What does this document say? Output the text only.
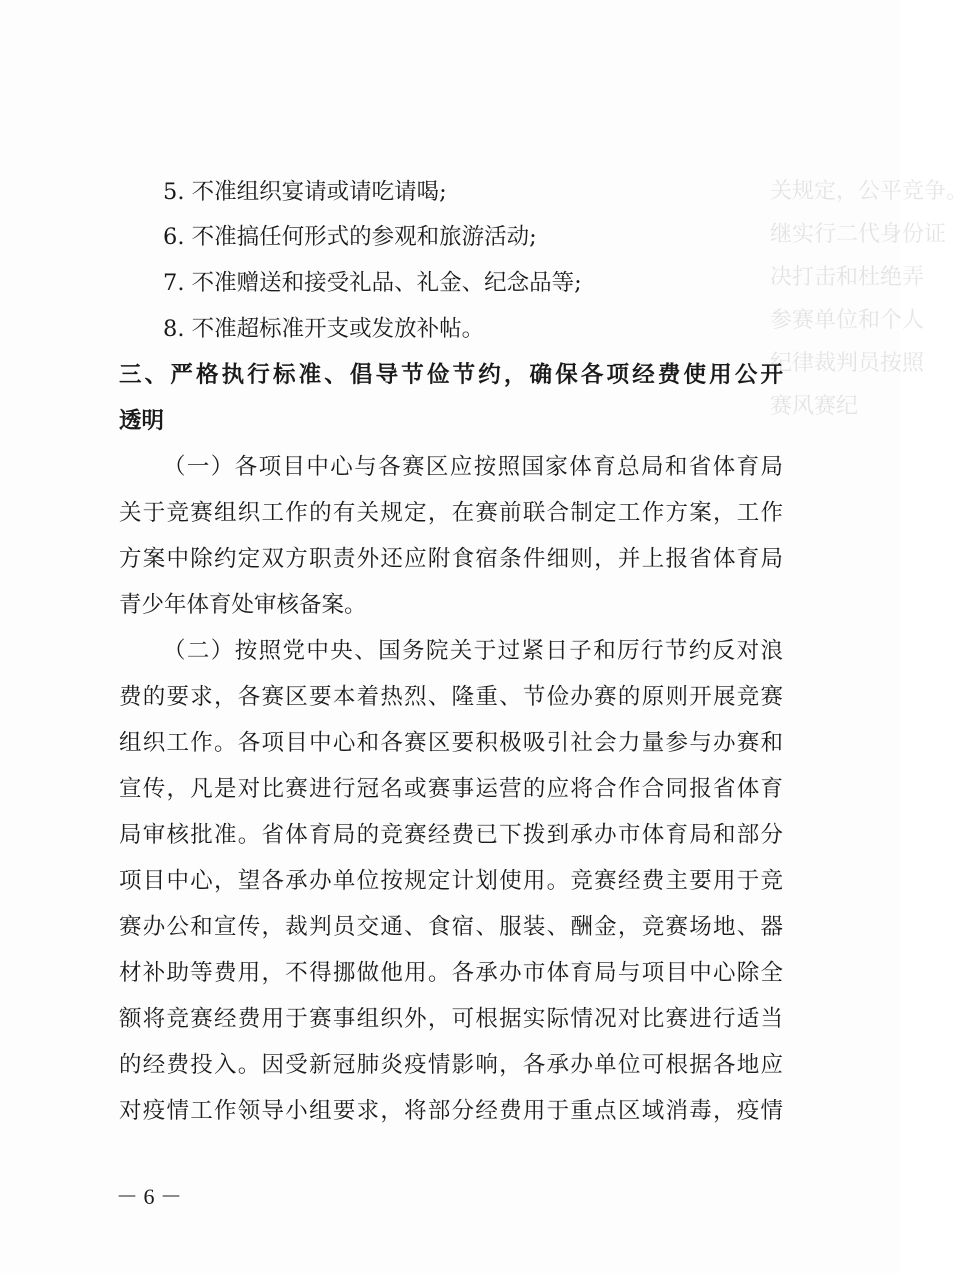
关规定，公平竞争。
继实行二代身份证
决打击和杜绝弄
参赛单位和个人
纪律裁判员按照
赛风赛纪
5. 不准组织宴请或请吃请喝;
6. 不准搞任何形式的参观和旅游活动;
7. 不准赠送和接受礼品、礼金、纪念品等;
8. 不准超标准开支或发放补帖。
三、严格执行标准、倡导节俭节约，确保各项经费使用公开
透明
（一）各项目中心与各赛区应按照国家体育总局和省体育局
关于竞赛组织工作的有关规定，在赛前联合制定工作方案，工作
方案中除约定双方职责外还应附食宿条件细则，并上报省体育局
青少年体育处审核备案。
（二）按照党中央、国务院关于过紧日子和厉行节约反对浪
费的要求，各赛区要本着热烈、隆重、节俭办赛的原则开展竞赛
组织工作。各项目中心和各赛区要积极吸引社会力量参与办赛和
宣传，凡是对比赛进行冠名或赛事运营的应将合作合同报省体育
局审核批准。省体育局的竞赛经费已下拨到承办市体育局和部分
项目中心，望各承办单位按规定计划使用。竞赛经费主要用于竞
赛办公和宣传，裁判员交通、食宿、服装、酬金，竞赛场地、器
材补助等费用，不得挪做他用。各承办市体育局与项目中心除全
额将竞赛经费用于赛事组织外，可根据实际情况对比赛进行适当
的经费投入。因受新冠肺炎疫情影响，各承办单位可根据各地应
对疫情工作领导小组要求，将部分经费用于重点区域消毒，疫情
－ 6 －
